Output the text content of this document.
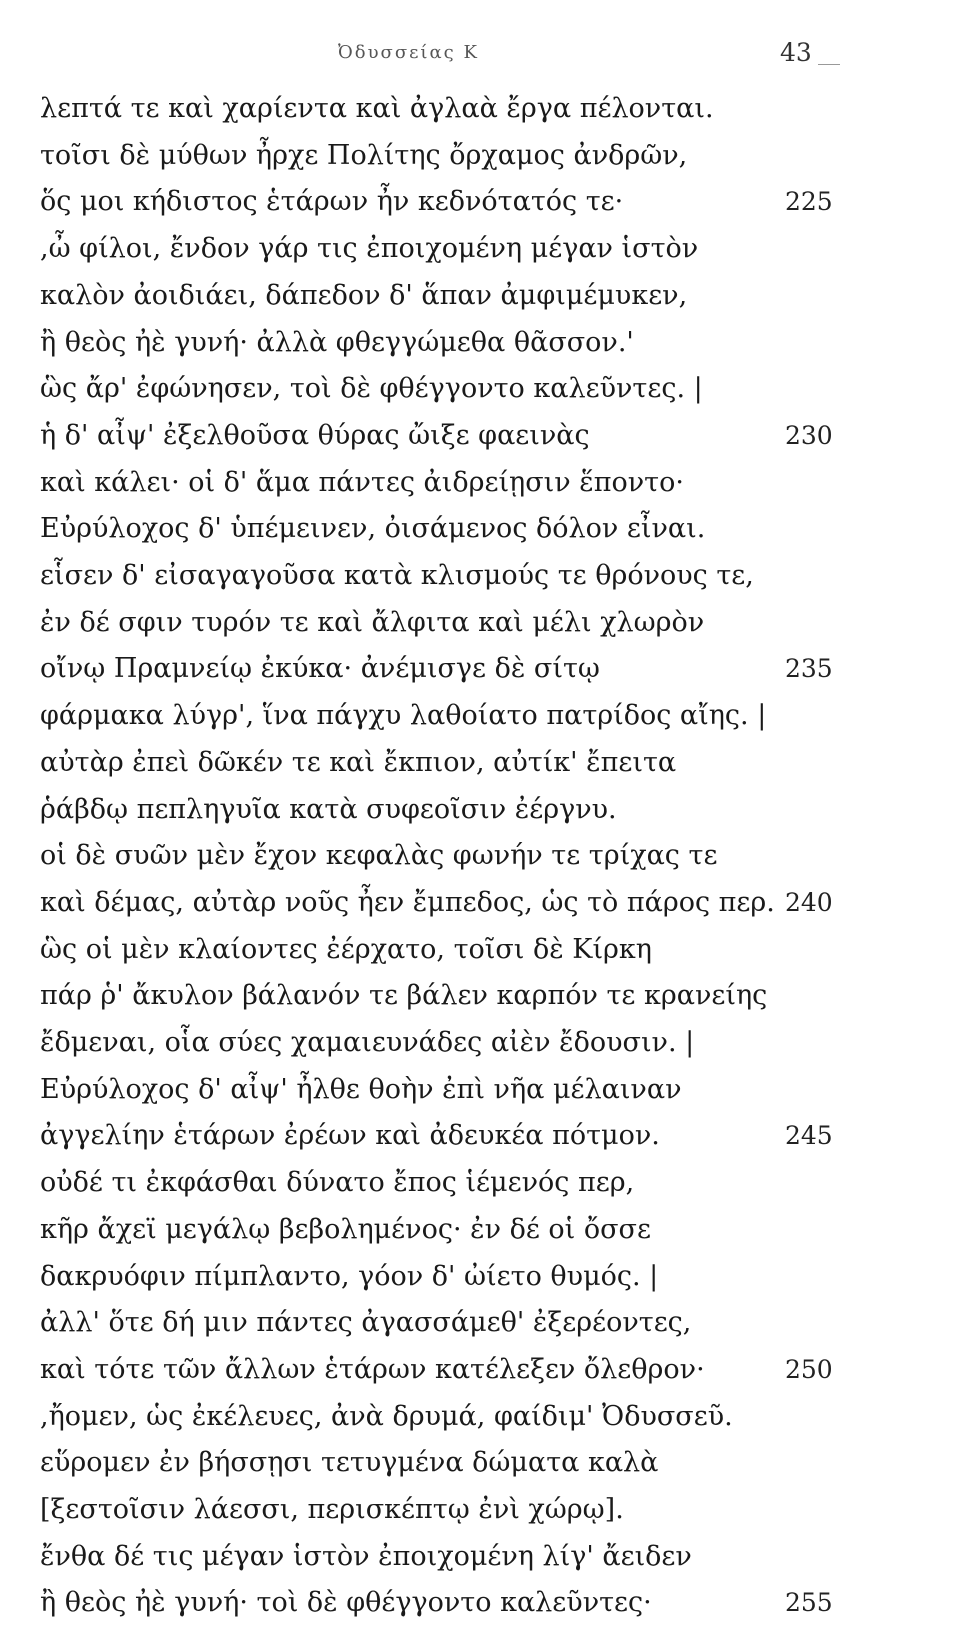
Ὀδυσσείας Κ	43
λεπτά τε καὶ χαρίεντα καὶ ἀγλαὰ ἔργα πέλονται.
τοῖσι δὲ μύθων ἦρχε Πολίτης ὄρχαμος ἀνδρῶν,
ὅς μοι κήδιστος ἑτάρων ἦν κεδνότατός τε·	225
,ὦ φίλοι, ἔνδον γάρ τις ἐποιχομένη μέγαν ἱστὸν
καλὸν ἀοιδιάει, δάπεδον δ' ἅπαν ἀμφιμέμυκεν,
ἢ θεὸς ἠὲ γυνή· ἀλλὰ φθεγγώμεθα θᾶσσον.'
ὣς ἄρ' ἐφώνησεν, τοὶ δὲ φθέγγοντο καλεῦντες. |
ἡ δ' αἶψ' ἐξελθοῦσα θύρας ὤιξε φαεινὰς	230
καὶ κάλει· οἱ δ' ἅμα πάντες ἀιδρείῃσιν ἕποντο·
Εὐρύλοχος δ' ὑπέμεινεν, ὀισάμενος δόλον εἶναι.
εἷσεν δ' εἰσαγαγοῦσα κατὰ κλισμούς τε θρόνους τε,
ἐν δέ σφιν τυρόν τε καὶ ἄλφιτα καὶ μέλι χλωρὸν
οἴνῳ Πραμνείῳ ἐκύκα· ἀνέμισγε δὲ σίτῳ	235
φάρμακα λύγρ', ἵνα πάγχυ λαθοίατο πατρίδος αἴης. |
αὐτὰρ ἐπεὶ δῶκέν τε καὶ ἔκπιον, αὐτίκ' ἔπειτα
ῥάβδῳ πεπληγυῖα κατὰ συφεοῖσιν ἐέργνυ.
οἱ δὲ συῶν μὲν ἔχον κεφαλὰς φωνήν τε τρίχας τε
καὶ δέμας, αὐτὰρ νοῦς ἦεν ἔμπεδος, ὡς τὸ πάρος περ. 240
ὣς οἱ μὲν κλαίοντες ἐέρχατο, τοῖσι δὲ Κίρκη
πάρ ῥ' ἄκυλον βάλανόν τε βάλεν καρπόν τε κρανείης
ἔδμεναι, οἷα σύες χαμαιευνάδες αἰὲν ἔδουσιν. |
Εὐρύλοχος δ' αἶψ' ἦλθε θοὴν ἐπὶ νῆα μέλαιναν
ἀγγελίην ἑτάρων ἐρέων καὶ ἀδευκέα πότμον.	245
οὐδέ τι ἐκφάσθαι δύνατο ἔπος ἱέμενός περ,
κῆρ ἄχεϊ μεγάλῳ βεβολημένος· ἐν δέ οἱ ὄσσε
δακρυόφιν πίμπλαντο, γόον δ' ὠίετο θυμός. |
ἀλλ' ὅτε δή μιν πάντες ἀγασσάμεθ' ἐξερέοντες,
καὶ τότε τῶν ἄλλων ἑτάρων κατέλεξεν ὄλεθρον·	250
,ἤομεν, ὡς ἐκέλευες, ἀνὰ δρυμά, φαίδιμ' Ὀδυσσεῦ.
εὕρομεν ἐν βήσσῃσι τετυγμένα δώματα καλὰ
[ξεστοῖσιν λάεσσι, περισκέπτῳ ἐνὶ χώρῳ].
ἔνθα δέ τις μέγαν ἱστὸν ἐποιχομένη λίγ' ἄειδεν
ἢ θεὸς ἠὲ γυνή· τοὶ δὲ φθέγγοντο καλεῦντες·	255
